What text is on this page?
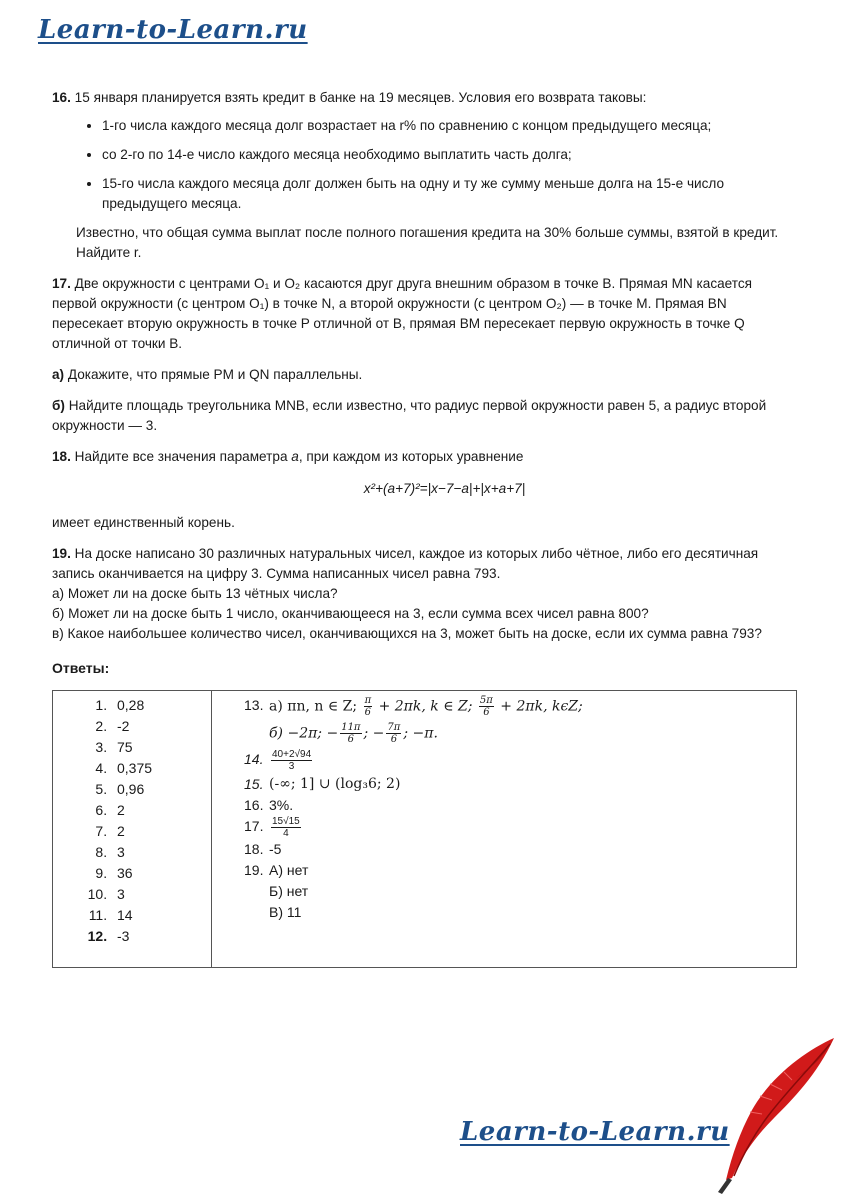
Learn-to-Learn.ru

16. 15 января планируется взять кредит в банке на 19 месяцев. Условия его возврата таковы:

• 1-го числа каждого месяца долг возрастает на r% по сравнению с концом предыдущего месяца;
• со 2-го по 14-е число каждого месяца необходимо выплатить часть долга;
• 15-го числа каждого месяца долг должен быть на одну и ту же сумму меньше долга на 15-е число предыдущего месяца.

Известно, что общая сумма выплат после полного погашения кредита на 30% больше суммы, взятой в кредит. Найдите r.

17. Две окружности с центрами O₁ и O₂ касаются друг друга внешним образом в точке B. Прямая MN касается первой окружности (с центром O₁) в точке N, а второй окружности (с центром O₂) — в точке M. Прямая BN пересекает вторую окружность в точке P отличной от B, прямая BM пересекает первую окружность в точке Q отличной от точки B.

а) Докажите, что прямые PM и QN параллельны.

б) Найдите площадь треугольника MNB, если известно, что радиус первой окружности равен 5, а радиус второй окружности — 3.

18. Найдите все значения параметра a, при каждом из которых уравнение

x²+(a+7)²=|x−7−a|+|x+a+7|

имеет единственный корень.

19. На доске написано 30 различных натуральных чисел, каждое из которых либо чётное, либо его десятичная запись оканчивается на цифру 3. Сумма написанных чисел равна 793.

а) Может ли на доске быть 13 чётных числа?

б) Может ли на доске быть 1 число, оканчивающееся на 3, если сумма всех чисел равна 800?

в) Какое наибольшее количество чисел, оканчивающихся на 3, может быть на доске, если их сумма равна 793?

Ответы:

1. 0,28
2. -2
3. 75
4. 0,375
5. 0,96
6. 2
7. 2
8. 3
9. 36
10. 3
11. 14
12. -3

13. а) πn, n ∈ Z; $\frac{\pi}{6} + 2\pi k$, k ∈ Z; $\frac{5\pi}{6} + 2\pi k$, kϵZ;
б) −2π; − $\frac{11\pi}{6}$ ; − $\frac{7\pi}{6}$ ; −π.
14. $\frac{40+2√94}{3}$
15. (-∞; 1] ∪ (log₃6; 2)
16. 3%.
17. $\frac{15√15}{4}$
18. -5
19. А) нет
Б) нет
В) 11
Learn-to-Learn.ru
